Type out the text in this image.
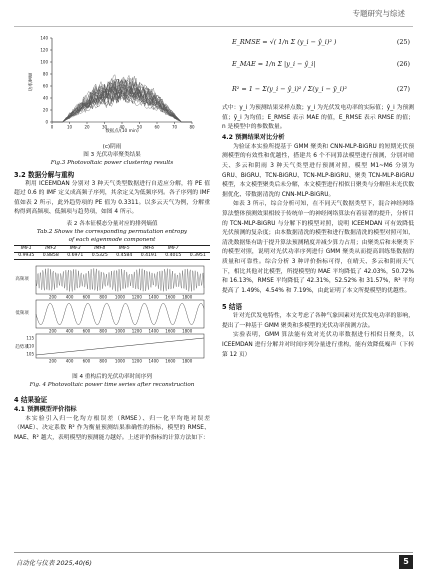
专题研究与综述
0
20
40
60
80
100
120
140
0	10	20	30	40	50	60	70	80
功率/MW
数据点/(10 min)
(c)阴雨
图 3 光伏功率聚类结果
Fig.3 Photovoltaic power clustering results
3.2 数据分解与重构
利用 ICEEMDAN 分别对 3 种天气类型数据进行自适应分解，将 PE 值超过 0.6 的 IMF 定义成高频子序列，其余定义为低频序列。各子序列的 IMF 值如表 2 所示，此外趋势项的 PE 值为 0.3311。以多云天气为例，分解重构得到高频项、低频项与趋势项，如图 4 所示。
表 2 各本征模态分量对应的排列熵值
Tab.2 Shows the corresponding permutation entropy
of each eigenmode component
IMF1	IMF2	IMF3	IMF4	IMF5	IMF6	IMF7	
0.9935	0.8858	0.6971	0.5325	0.4584	0.4191	0.4015	0.3951
200 400 600 800 1000 1200 1400 1600 1800
200 400 600 800 1000 1200 1400 1600 1800
200 400 600 800 1000 1200 1400 1600 1800
115
110
105
高频项
低频项
趋势项
图 4 重构后的光伏功率时间序列
Fig. 4 Photovoltaic power time series after reconstruction
4 结果验证
4.1 预测模型评价指标
本实验引入归一化均方根误差（RMSE）、归一化平均绝对误差（MAE）、决定系数 R² 作为衡量预测结果准确性的指标，模型的 RMSE、MAE、R² 越大，表明模型的预测能力越好。上述评价指标的计算方法如下：
E_RMSE = √( 1/n Σ (y_i − ŷ_i)² )	(25)
E_MAE = 1/n Σ |y_i − ŷ_i|	(26)
R² = 1 − Σ(y_i − ŷ_i)² / Σ(y_i − ȳ_i)²	(27)
式中：y_i 为预测结果采样点数；y_i 为光伏发电功率的实际值；ŷ_i 为预测值；ȳ_i 为均值；E_RMSE 表示 MAE 的值，E_RMSE 表示 RMSE 的值；n 是模型中的参数数量。
4.2 预测结果对比分析
为验证本实验所提基于 GMM 聚类和 CNN-MLP-BiGRU 的短期光伏预测模型的有效性和优越性，搭建共 6 个不同算法模型进行预测，分别对晴天、多云和阴雨 3 种天气类型进行预测对照，模型 M1~M6 分别为 GRU、BiGRU、TCN-BiGRU、TCN-MLP-BiGRU、聚类 TCN-MLP-BiGRU 模型，本文模型聚类后未分解，本文模型进行相似日聚类与分解但未光伏数据优化、带数据清洗的 CNN-MLP-BiGRU。
如表 3 所示，综合分析可知，在不同天气数据类型下，混合神经网络算法整体预测效果相较于传统单一的神经网络算法有着显著的提升，分析目的 TCN-MLP-BiGRU 与分解下的模型对照，说明 ICEEMDAN 可有效降低光伏预测的复杂度；由本数据清洗的模型和进行数据清洗的模型对照可知，清洗数据集有助于提升算法预测精度并减少算力占用；由聚类后和未聚类下的模型对照，说明对光伏功率序列进行 GMM 聚类从而提高训练集数据的质量和可靠性。综合分析 3 种评价指标可得，在晴天、多云和阴雨天气下，相比其他对比模型，所提模型的 MAE 平均降低了 42.03%，50.72% 和 16.13%，RMSE 平均降低了 42.31%，52.52% 和 31.57%，R² 平均提高了 1.49%，4.54% 和 7.19%，由此证明了本文所提模型的优越性。
5 结语
针对光伏发电特性，本文考虑了各种气象因素对光伏发电功率的影响，提出了一种基于 GMM 聚类和多模型的光伏功率预测方法。
实验表明，GMM 算法能有效对光伏功率数据进行相似日聚类，以 ICEEMDAN 进行分解并对时间序列分量进行重构，能有效降低噪声（下转第 12 页）
自动化与仪表 2025,40(6)	5
